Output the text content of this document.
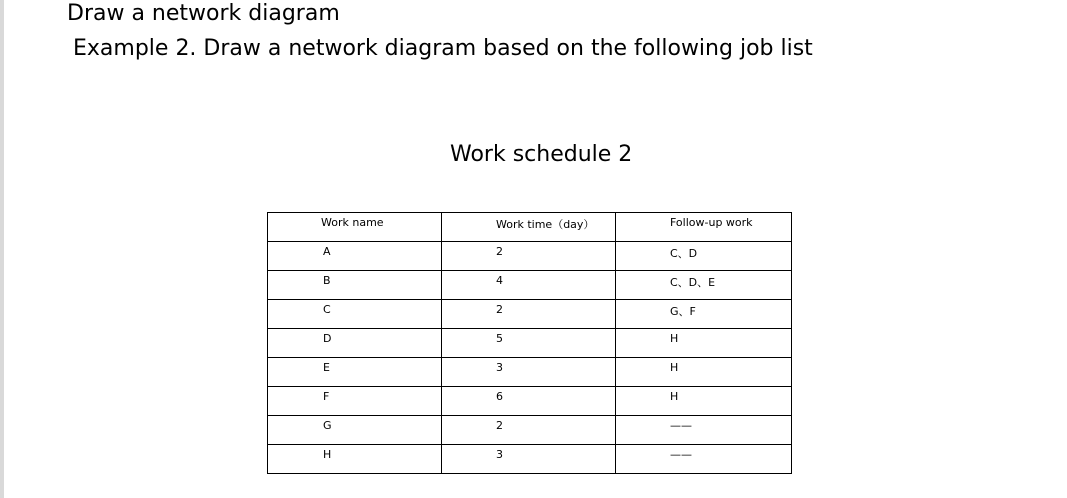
Draw a network diagram
Example 2. Draw a network diagram based on the following job list
Work schedule 2
Work name	Work time（day）	Follow-up work

A	2	C、D

B	4	C、D、E

C	2	G、F

D	5	H

E	3	H

F	6	H

G	2	——

H	3	——
